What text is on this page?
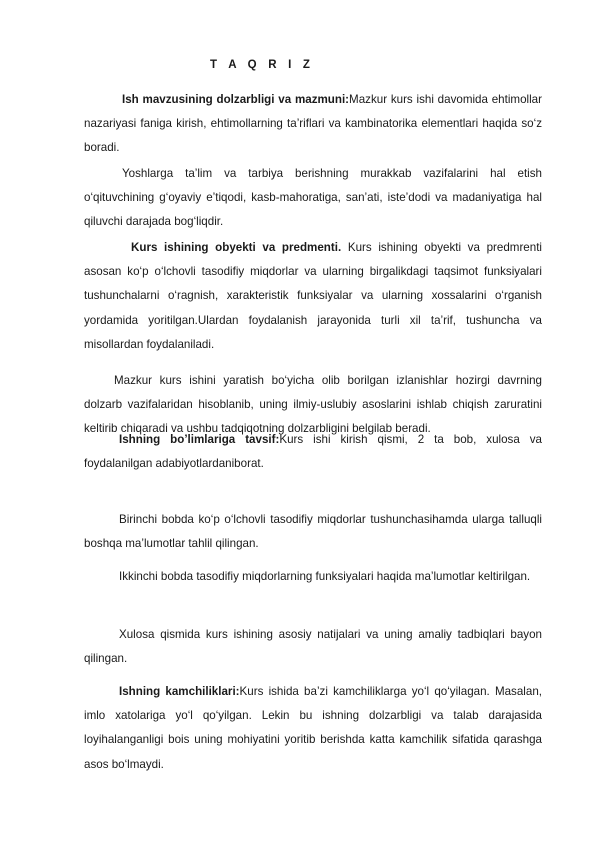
T A Q R I Z

Ish mavzusining dolzarbligi va mazmuni:Mazkur kurs ishi davomida ehtimollar nazariyasi faniga kirish, ehtimollarning ta’riflari va kambinatorika elementlari haqida so‘z boradi.

Yoshlarga ta’lim va tarbiya berishning murakkab vazifalarini hal etish o‘qituvchining g‘oyaviy e’tiqodi, kasb-mahoratiga, san’ati, iste’dodi va madaniyatiga hal qiluvchi darajada bog‘liqdir.

Kurs ishining obyekti va predmenti. Kurs ishining obyekti va predmrenti asosan ko‘p o‘lchovli tasodifiy miqdorlar va ularning birgalikdagi taqsimot funksiyalari tushunchalarni o‘ragnish, xarakteristik funksiyalar va ularning xossalarini o‘rganish yordamida yoritilgan.Ulardan foydalanish jarayonida turli xil ta’rif, tushuncha va misollardan foydalaniladi.

Mazkur kurs ishini yaratish bo‘yicha olib borilgan izlanishlar hozirgi davrning dolzarb vazifalaridan hisoblanib, uning ilmiy-uslubiy asoslarini ishlab chiqish zaruratini keltirib chiqaradi va ushbu tadqiqotning dolzarbligini belgilab beradi.

Ishning bo’limlariga tavsif:Kurs ishi kirish qismi, 2 ta bob, xulosa va foydalanilgan adabiyotlardaniborat.

Birinchi bobda ko‘p o‘lchovli tasodifiy miqdorlar tushunchasihamda ularga talluqli boshqa ma’lumotlar tahlil qilingan.

Ikkinchi bobda tasodifiy miqdorlarning funksiyalari haqida ma’lumotlar keltirilgan.

Xulosa qismida kurs ishining asosiy natijalari va uning amaliy tadbiqlari bayon qilingan.

Ishning kamchiliklari:Kurs ishida ba’zi kamchiliklarga yo‘l qo‘yilagan. Masalan, imlo xatolariga yo‘l qo‘yilgan. Lekin bu ishning dolzarbligi va talab darajasida loyihalanganligi bois uning mohiyatini yoritib berishda katta kamchilik sifatida qarashga asos bo‘lmaydi.
